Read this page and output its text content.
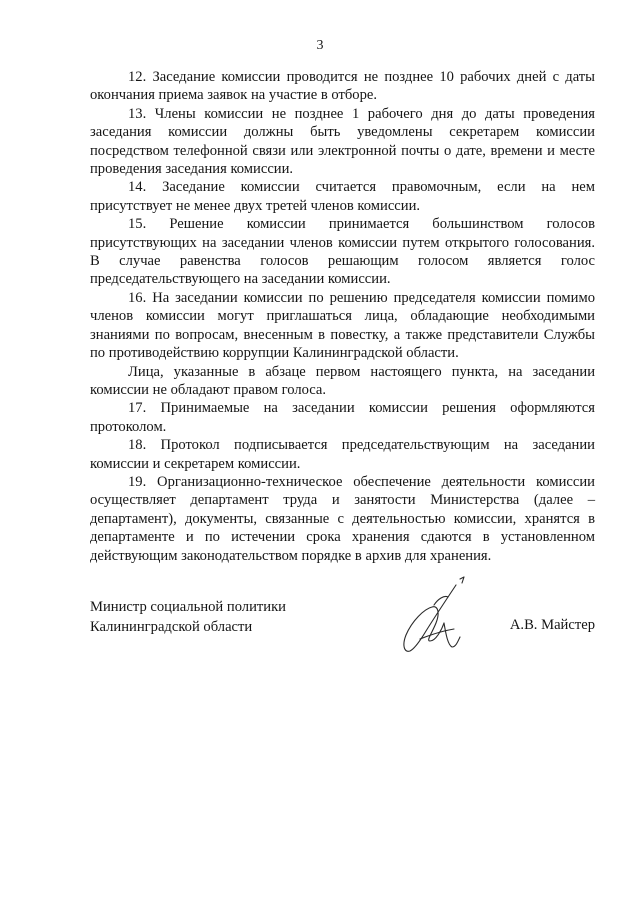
3

12. Заседание комиссии проводится не позднее 10 рабочих дней с даты окончания приема заявок на участие в отборе.

13. Члены комиссии не позднее 1 рабочего дня до даты проведения заседания комиссии должны быть уведомлены секретарем комиссии посредством телефонной связи или электронной почты о дате, времени и месте проведения заседания комиссии.

14. Заседание комиссии считается правомочным, если на нем присутствует не менее двух третей членов комиссии.

15. Решение комиссии принимается большинством голосов присутствующих на заседании членов комиссии путем открытого голосования. В случае равенства голосов решающим голосом является голос председательствующего на заседании комиссии.

16. На заседании комиссии по решению председателя комиссии помимо членов комиссии могут приглашаться лица, обладающие необходимыми знаниями по вопросам, внесенным в повестку, а также представители Службы по противодействию коррупции Калининградской области.

Лица, указанные в абзаце первом настоящего пункта, на заседании комиссии не обладают правом голоса.

17. Принимаемые на заседании комиссии решения оформляются протоколом.

18. Протокол подписывается председательствующим на заседании комиссии и секретарем комиссии.

19. Организационно-техническое обеспечение деятельности комиссии осуществляет департамент труда и занятости Министерства (далее – департамент), документы, связанные с деятельностью комиссии, хранятся в департаменте и по истечении срока хранения сдаются в установленном действующим законодательством порядке в архив для хранения.

Министр социальной политики
Калининградской области	А.В. Майстер
